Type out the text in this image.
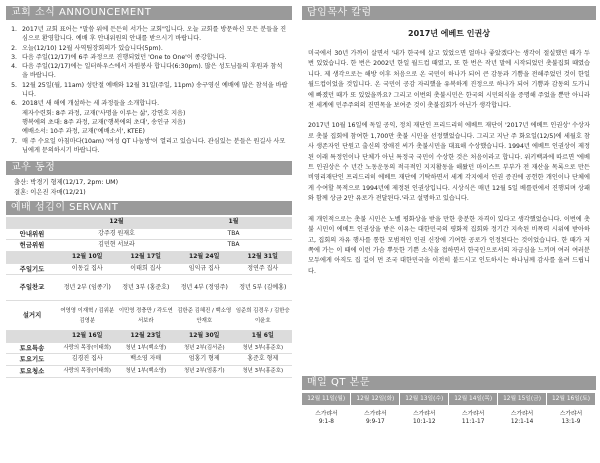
교회 소식 ANNOUNCEMENT
1. 2017년 교회 표어는 "말씀 위에 든든히 서가는 교회"입니다. 오늘 교회를 방문하신 모든 분들을 진심으로 환영합니다. 예배 후 안내위원의 안내를 받으시기 바랍니다.
2. 오늘(12/10) 12월 사역팀장회의가 있습니다(5pm).
3. 다음 주일(12/17)에 6주 과정으로 진행되었던 'One to One'이 종강합니다.
4. 다음 주일(12/17)에는 일터하우스에서 자원봉사 합니다(6:30pm). 많은 성도님들의 후원과 참석을 바랍니다.
5. 12월 25일(월, 11am) 성탄절 예배와 12월 31일(주일, 11pm) 송구영신 예배에 많은 참석을 바랍니다.
6. 2018년 새 해에 개설하는 세 과정들을 소개합니다.
제자수련회: 8주 과정, 교재('사명을 이루는 삶', 강연호 지음)
행복에의 초대: 8주 과정, 교재('행복에의 초대', 송인규 지음)
예배소서: 10주 과정, 교재('예배소서', KTEE)
7. 매 주 수요일 아침마다(10am) '여성 QT 나눔방'이 열리고 있습니다. 관심있는 분들은 원길사 사모님에게 문의하시기 바랍니다.
교우 동정
출산: 박경기 형제(12/17, 2pm: UM)
결혼: 이은진 자매(12/21)
예배 섬김이 SERVANT
	12월		1월	
안내위원	강주경 원재호		TBA	
헌금위원	김민현 서보라		TBA	
	12월 10일	12월 17일	12월 24일	12월 31일
주일기도	이동길 집사	이태희 집사	임익규 집사	정연주 집사
주일찬교	정년 2부 (임종기)	정년 3부 (홍준호)	정년 4부 (정영주)	정년 5부 (김예홍)
설거지	여영영 이재혁 / 김위분 김영분	이민영 정충만 / 각도연 서보라	김한준 김혜진 / 백소영 안재호	임준희 김경우 / 김한승 이윤호
	12월 16일	12월 23일	12월 30일	1월 6일
토요특송	사랑의 목장(이태희)	청년 1부(백소영)	청년 2부(김서준)	청년 3부(홍준호)
토요기도	김경진 집사	백소영 자매	엄홍기 형제	홍준호 형제
토요청소	사랑의 목장(이태희)	청년 1부(백소영)	청년 2부(엄홍기)	청년 3부(홍준호)
담임목사 칼럼
2017년 에베트 인권상

미국에서 30년 가까이 살면서 '내가 한국에 살고 있었으면 얼마나 좋았겠다'는 생각이 절실했던 때가 두 번 있었습니다. 한 번은 2002년 한일 월드컵 때였고, 또 한 번은 작년 말에 시작되었던 촛불집회 때였습니다. 제 생각으로는 해방 이후 처음으로 온 국민이 하나가 되어 큰 감동과 기쁨을 전해주었던 것이 한일 월드컵이었을 것입니다. 온 국민이 공감 자리했을 유복하게 진정으로 하나가 되어 기쁨과 감동의 도가니에 빠졌던 때가 또 있었을까요? 그리고 이번의 촛불시민은 한국의 시민의식을 증명해 주었을 뿐만 아니라 전 세계에 민주주의의 진면목을 보여준 것이 촛불집회가 아닌가 생각합니다.

2017년 10월 16일에 독일 공익, 정치 재단인 프리드리히 에베트 재단이 '2017년 에베트 인권상' 수상자로 촛불 집회에 참여한 1,700만 촛불 시민을 선정했었습니다. 그리고 지난 주 화요일(12/5)에 세월호 참사 생존자인 단원고 출신의 장애진 씨가 촛불시민을 대표해 수상했습니다. 1994년 에베트 인권상이 제정된 이래 특정인이나 단체가 아닌 특정국 국민이 수상한 것은 처음이라고 합니다. 위키백과에 따르면 '에베트 인권상은 수 년간 노동운동의 적극적인 지지활동을 해왔던 마이스트 부부가 전 재산을 목록으로 만든 비영리재단인 프리드리히 에베트 재단에 기탁하면서 세계 각지에서 인권 증진에 공헌한 개인이나 단체에게 수여할 목적으로 1994년에 제정된 인권상입니다. 시상식은 매년 12월 5일 베를린에서 진행되며 상패와 함께 상금 2만 유로가 전달된다.'라고 설명하고 있습니다.

제 개인적으로는 촛불 시민은 노벨 평화상을 받을 만한 충분한 자격이 있다고 생각했었습니다. 이번에 촛불 시민이 에베트 인권상을 받은 이유는 대한민국의 평화적 집회와 정기간 지속된 비폭력 시위에 받아하고, 집회의 자유 행사를 통한 모범적인 인권 신장에 기여한 공로가 인정된다는 것이었습니다. 한 때가 저쪽에 가는 이 때에 이런 가슴 뿌듯한 기쁜 소식을 접하면서 한국인으로서의 자긍심을 느끼며 여러 여러분 모두에게 아직도 집 길이 먼 조국 대한민국을 이전히 붙드시고 인도하시는 하나님께 감사를 올려 드립니다.

매일 QT 본문
12월 11일(월)	12월 12일(화)	12월 13일(수)	12월 14일(목)	12월 15일(금)	12월 16일(토)
스가랴서	스가랴서	스가랴서	스가랴서	스가랴서	스가랴서
9:1-8	9:9-17	10:1-12	11:1-17	12:1-14	13:1-9
